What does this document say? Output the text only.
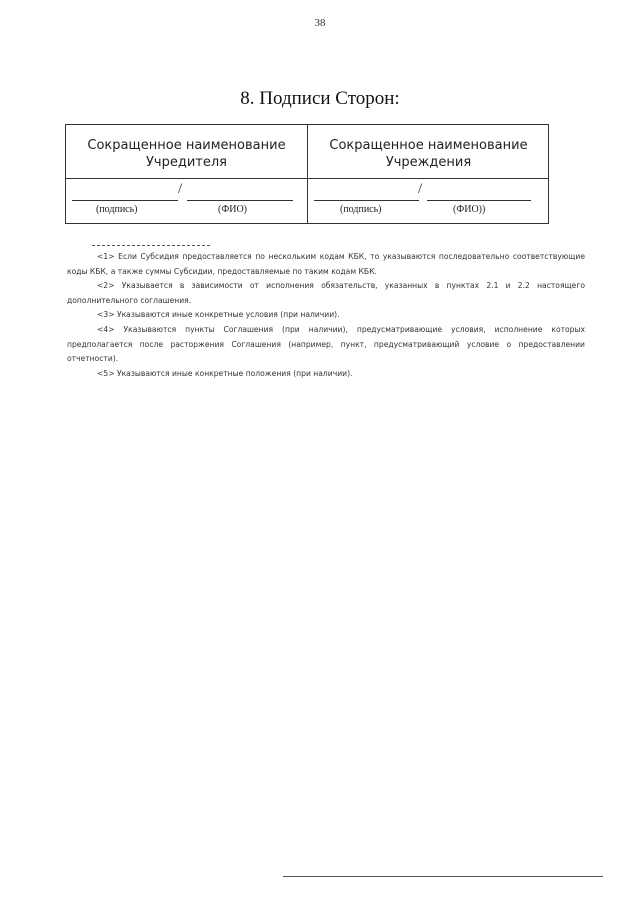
38
8. Подписи Сторон:
Сокращенное наименование
Учредителя
Сокращенное наименование
Учреждения
/
(подпись)	(ФИО)
/
(подпись)	(ФИО))

<1> Если Субсидия предоставляется по нескольким кодам КБК, то указываются последовательно соответствующие коды КБК, а также суммы Субсидии, предоставляемые по таким кодам КБК.

<2> Указывается в зависимости от исполнения обязательств, указанных в пунктах 2.1 и 2.2 настоящего дополнительного соглашения.

<3> Указываются иные конкретные условия (при наличии).

<4> Указываются пункты Соглашения (при наличии), предусматривающие условия, исполнение которых предполагается после расторжения Соглашения (например, пункт, предусматривающий условие о предоставлении отчетности).

<5> Указываются иные конкретные положения (при наличии).
